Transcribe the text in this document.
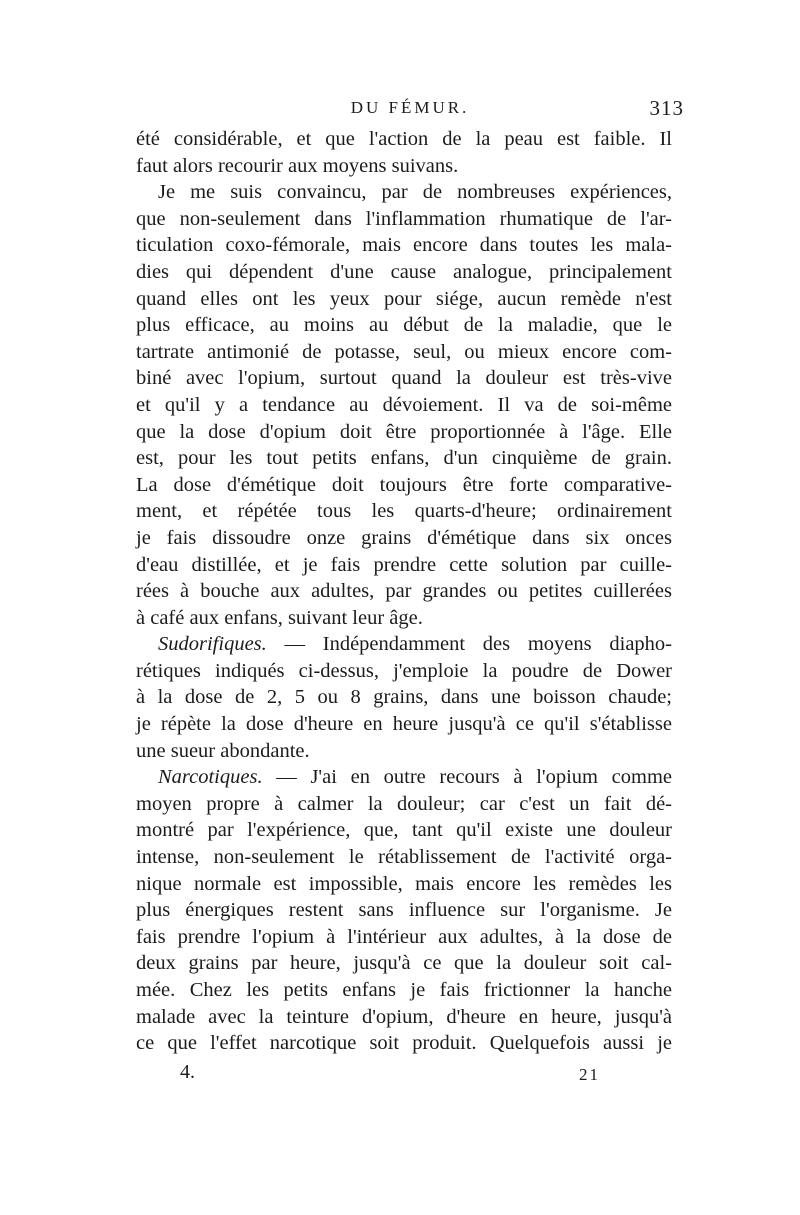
DU FÉMUR.	313

été considérable, et que l'action de la peau est faible. Il
faut alors recourir aux moyens suivans.

Je me suis convaincu, par de nombreuses expériences,
que non-seulement dans l'inflammation rhumatique de l'ar-
ticulation coxo-fémorale, mais encore dans toutes les mala-
dies qui dépendent d'une cause analogue, principalement
quand elles ont les yeux pour siége, aucun remède n'est
plus efficace, au moins au début de la maladie, que le
tartrate antimonié de potasse, seul, ou mieux encore com-
biné avec l'opium, surtout quand la douleur est très-vive
et qu'il y a tendance au dévoiement. Il va de soi-même
que la dose d'opium doit être proportionnée à l'âge. Elle
est, pour les tout petits enfans, d'un cinquième de grain.
La dose d'émétique doit toujours être forte comparative-
ment, et répétée tous les quarts-d'heure; ordinairement
je fais dissoudre onze grains d'émétique dans six onces
d'eau distillée, et je fais prendre cette solution par cuille-
rées à bouche aux adultes, par grandes ou petites cuillerées
à café aux enfans, suivant leur âge.

Sudorifiques. — Indépendamment des moyens diapho-
rétiques indiqués ci-dessus, j'emploie la poudre de Dower
à la dose de 2, 5 ou 8 grains, dans une boisson chaude;
je répète la dose d'heure en heure jusqu'à ce qu'il s'établisse
une sueur abondante.

Narcotiques. — J'ai en outre recours à l'opium comme
moyen propre à calmer la douleur; car c'est un fait dé-
montré par l'expérience, que, tant qu'il existe une douleur
intense, non-seulement le rétablissement de l'activité orga-
nique normale est impossible, mais encore les remèdes les
plus énergiques restent sans influence sur l'organisme. Je
fais prendre l'opium à l'intérieur aux adultes, à la dose de
deux grains par heure, jusqu'à ce que la douleur soit cal-
mée. Chez les petits enfans je fais frictionner la hanche
malade avec la teinture d'opium, d'heure en heure, jusqu'à
ce que l'effet narcotique soit produit. Quelquefois aussi je

4.	21
